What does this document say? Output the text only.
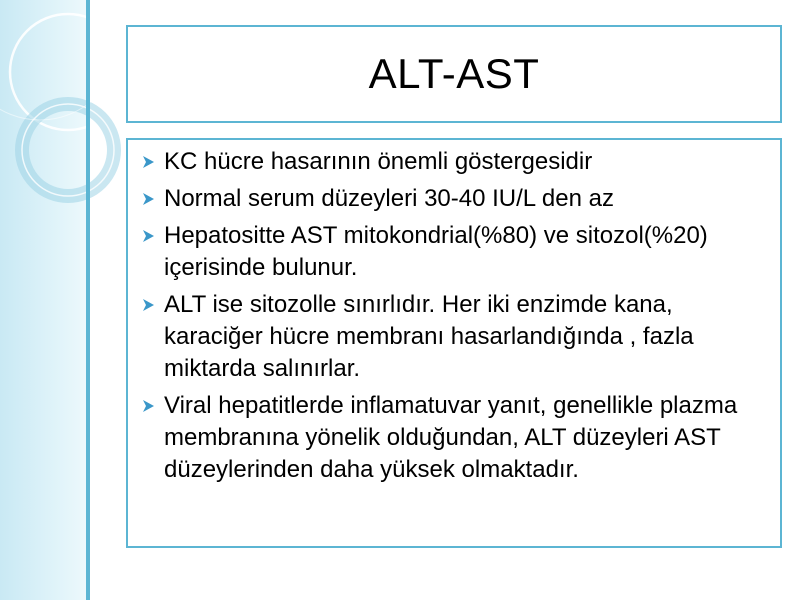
ALT-AST
KC hücre hasarının önemli göstergesidir
Normal serum düzeyleri 30-40 IU/L den az
Hepatositte AST mitokondrial(%80) ve sitozol(%20) içerisinde bulunur.
ALT ise sitozolle sınırlıdır. Her iki enzimde kana, karaciğer hücre membranı hasarlandığında , fazla miktarda salınırlar.
Viral hepatitlerde inflamatuvar yanıt, genellikle plazma membranına yönelik olduğundan, ALT düzeyleri AST düzeylerinden daha yüksek olmaktadır.
